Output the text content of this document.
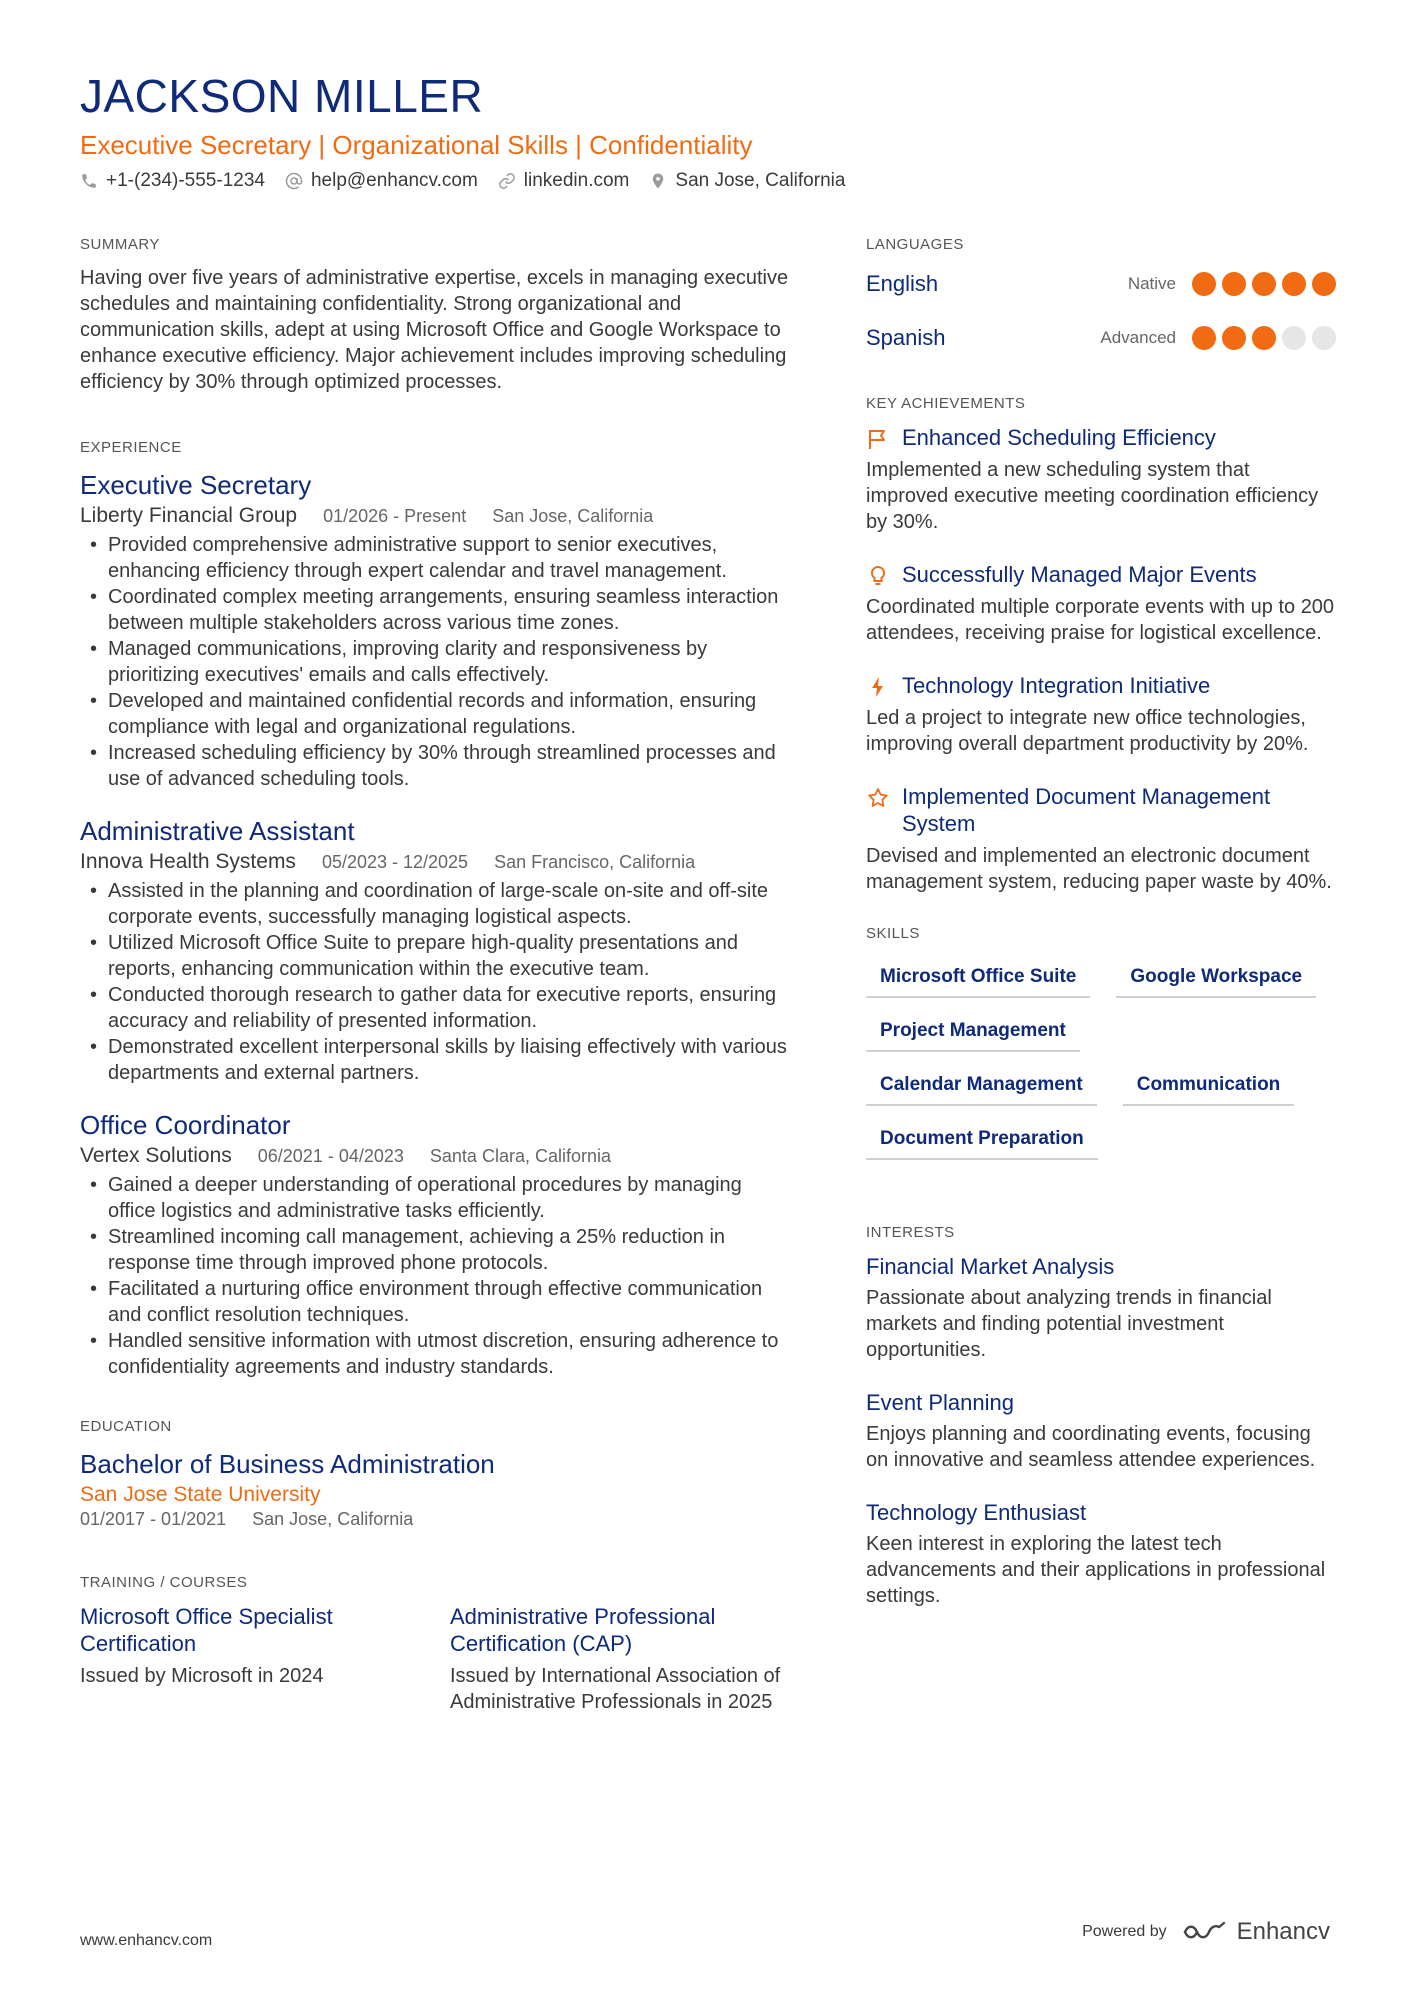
JACKSON MILLER
Executive Secretary | Organizational Skills | Confidentiality
+1-(234)-555-1234 help@enhancv.com linkedin.com San Jose, California
SUMMARY
Having over five years of administrative expertise, excels in managing executive schedules and maintaining confidentiality. Strong organizational and communication skills, adept at using Microsoft Office and Google Workspace to enhance executive efficiency. Major achievement includes improving scheduling efficiency by 30% through optimized processes.
EXPERIENCE
Executive Secretary
Liberty Financial Group 01/2026 - Present San Jose, California
• Provided comprehensive administrative support to senior executives, enhancing efficiency through expert calendar and travel management.
• Coordinated complex meeting arrangements, ensuring seamless interaction between multiple stakeholders across various time zones.
• Managed communications, improving clarity and responsiveness by prioritizing executives' emails and calls effectively.
• Developed and maintained confidential records and information, ensuring compliance with legal and organizational regulations.
• Increased scheduling efficiency by 30% through streamlined processes and use of advanced scheduling tools.
Administrative Assistant
Innova Health Systems 05/2023 - 12/2025 San Francisco, California
• Assisted in the planning and coordination of large-scale on-site and off-site corporate events, successfully managing logistical aspects.
• Utilized Microsoft Office Suite to prepare high-quality presentations and reports, enhancing communication within the executive team.
• Conducted thorough research to gather data for executive reports, ensuring accuracy and reliability of presented information.
• Demonstrated excellent interpersonal skills by liaising effectively with various departments and external partners.
Office Coordinator
Vertex Solutions 06/2021 - 04/2023 Santa Clara, California
• Gained a deeper understanding of operational procedures by managing office logistics and administrative tasks efficiently.
• Streamlined incoming call management, achieving a 25% reduction in response time through improved phone protocols.
• Facilitated a nurturing office environment through effective communication and conflict resolution techniques.
• Handled sensitive information with utmost discretion, ensuring adherence to confidentiality agreements and industry standards.
EDUCATION
Bachelor of Business Administration
San Jose State University
01/2017 - 01/2021 San Jose, California
TRAINING / COURSES
Microsoft Office Specialist Certification
Issued by Microsoft in 2024
Administrative Professional Certification (CAP)
Issued by International Association of Administrative Professionals in 2025
LANGUAGES
English	Native
Spanish	Advanced
KEY ACHIEVEMENTS
Enhanced Scheduling Efficiency
Implemented a new scheduling system that improved executive meeting coordination efficiency by 30%.
Successfully Managed Major Events
Coordinated multiple corporate events with up to 200 attendees, receiving praise for logistical excellence.
Technology Integration Initiative
Led a project to integrate new office technologies, improving overall department productivity by 20%.
Implemented Document Management System
Devised and implemented an electronic document management system, reducing paper waste by 40%.
SKILLS
Microsoft Office Suite	Google Workspace
Project Management
Calendar Management	Communication
Document Preparation
INTERESTS
Financial Market Analysis
Passionate about analyzing trends in financial markets and finding potential investment opportunities.
Event Planning
Enjoys planning and coordinating events, focusing on innovative and seamless attendee experiences.
Technology Enthusiast
Keen interest in exploring the latest tech advancements and their applications in professional settings.
www.enhancv.com
Powered by	Enhancv
